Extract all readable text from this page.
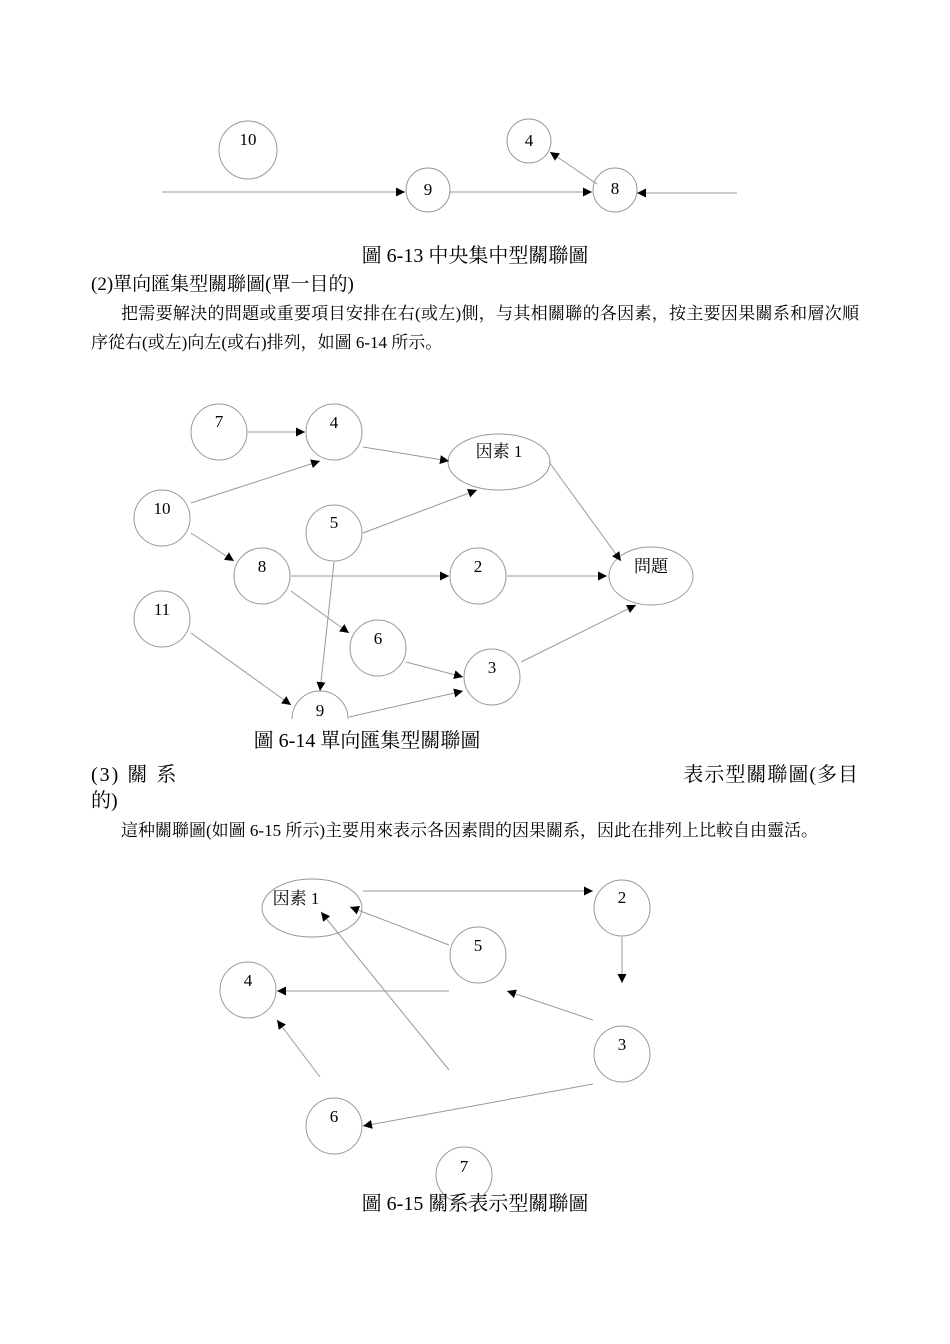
10
9
4
8
圖 6-13 中央集中型關聯圖
(2)單向匯集型關聯圖(單一目的)
把需要解決的問題或重要項目安排在右(或左)側，与其相關聯的各因素，按主要因果關系和層次順序從右(或左)向左(或右)排列，如圖 6-14 所示。
7	4
因素 1
10
5
8	2	問題
11
6
3
9
圖 6-14 單向匯集型關聯圖
(3) 關 系	表示型關聯圖(多目
的)
這种關聯圖(如圖 6-15 所示)主要用來表示各因素間的因果關系，因此在排列上比較自由靈活。
因素 1	2
5
4
3
6
7
圖 6-15 關系表示型關聯圖
